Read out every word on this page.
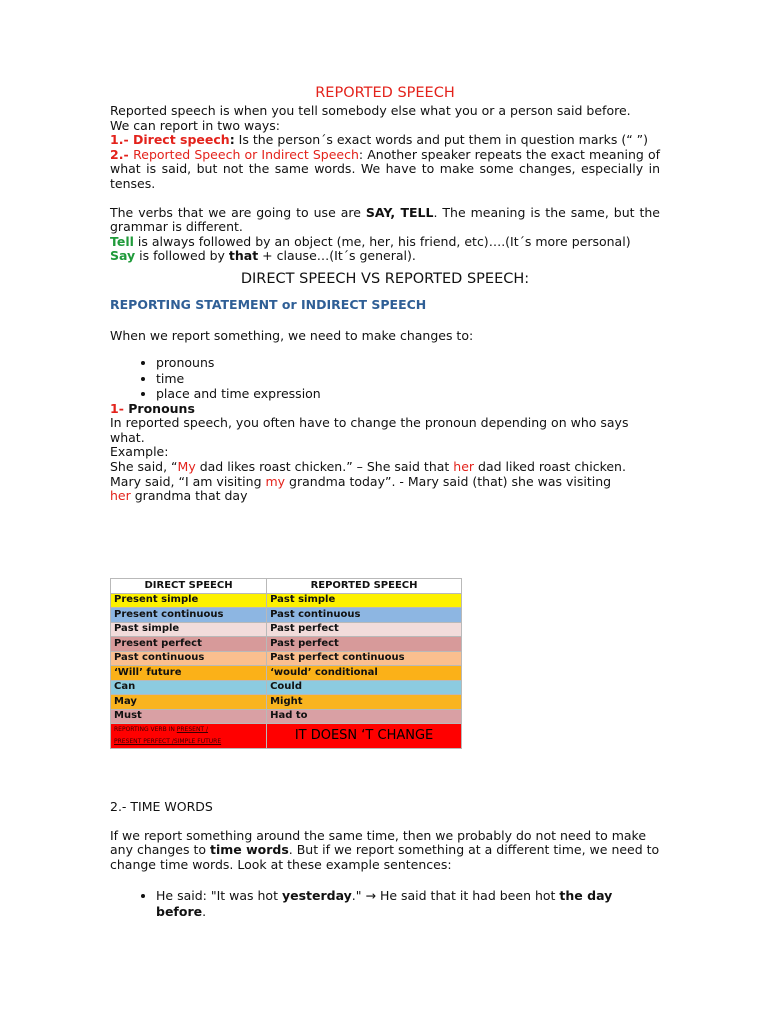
REPORTED SPEECH

Reported speech is when you tell somebody else what you or a person said before.

We can report in two ways:

1.- Direct speech: Is the person´s exact words and put them in question marks (“ ”)

2.- Reported Speech or Indirect Speech: Another speaker repeats the exact meaning of what is said, but not the same words. We have to make some changes, especially in tenses.

The verbs that we are going to use are SAY, TELL. The meaning is the same, but the grammar is different.

Tell is always followed by an object (me, her, his friend, etc)….(It´s more personal)

Say is followed by that + clause…(It´s general).

DIRECT SPEECH VS REPORTED SPEECH:

REPORTING STATEMENT or INDIRECT SPEECH

When we report something, we need to make changes to:

• pronouns
• time
• place and time expression

1- Pronouns

In reported speech, you often have to change the pronoun depending on who says what.

Example:

She said, “My dad likes roast chicken.” – She said that her dad liked roast chicken.

Mary said, “I am visiting my grandma today”. - Mary said (that) she was visiting
her grandma that day

DIRECT SPEECH	REPORTED SPEECH
Present simple	Past simple
Present continuous	Past continuous
Past simple	Past perfect
Present perfect	Past perfect
Past continuous	Past perfect continuous
‘Will’ future	‘would’ conditional
Can	Could
May	Might
Must	Had to
REPORTING VERB IN PRESENT /
PRESENT PERFECT /SIMPLE FUTURE	IT DOESN ‘T CHANGE

2.- TIME WORDS

If we report something around the same time, then we probably do not need to make any changes to time words. But if we report something at a different time, we need to change time words. Look at these example sentences:

• He said: "It was hot yesterday." → He said that it had been hot the day before.
